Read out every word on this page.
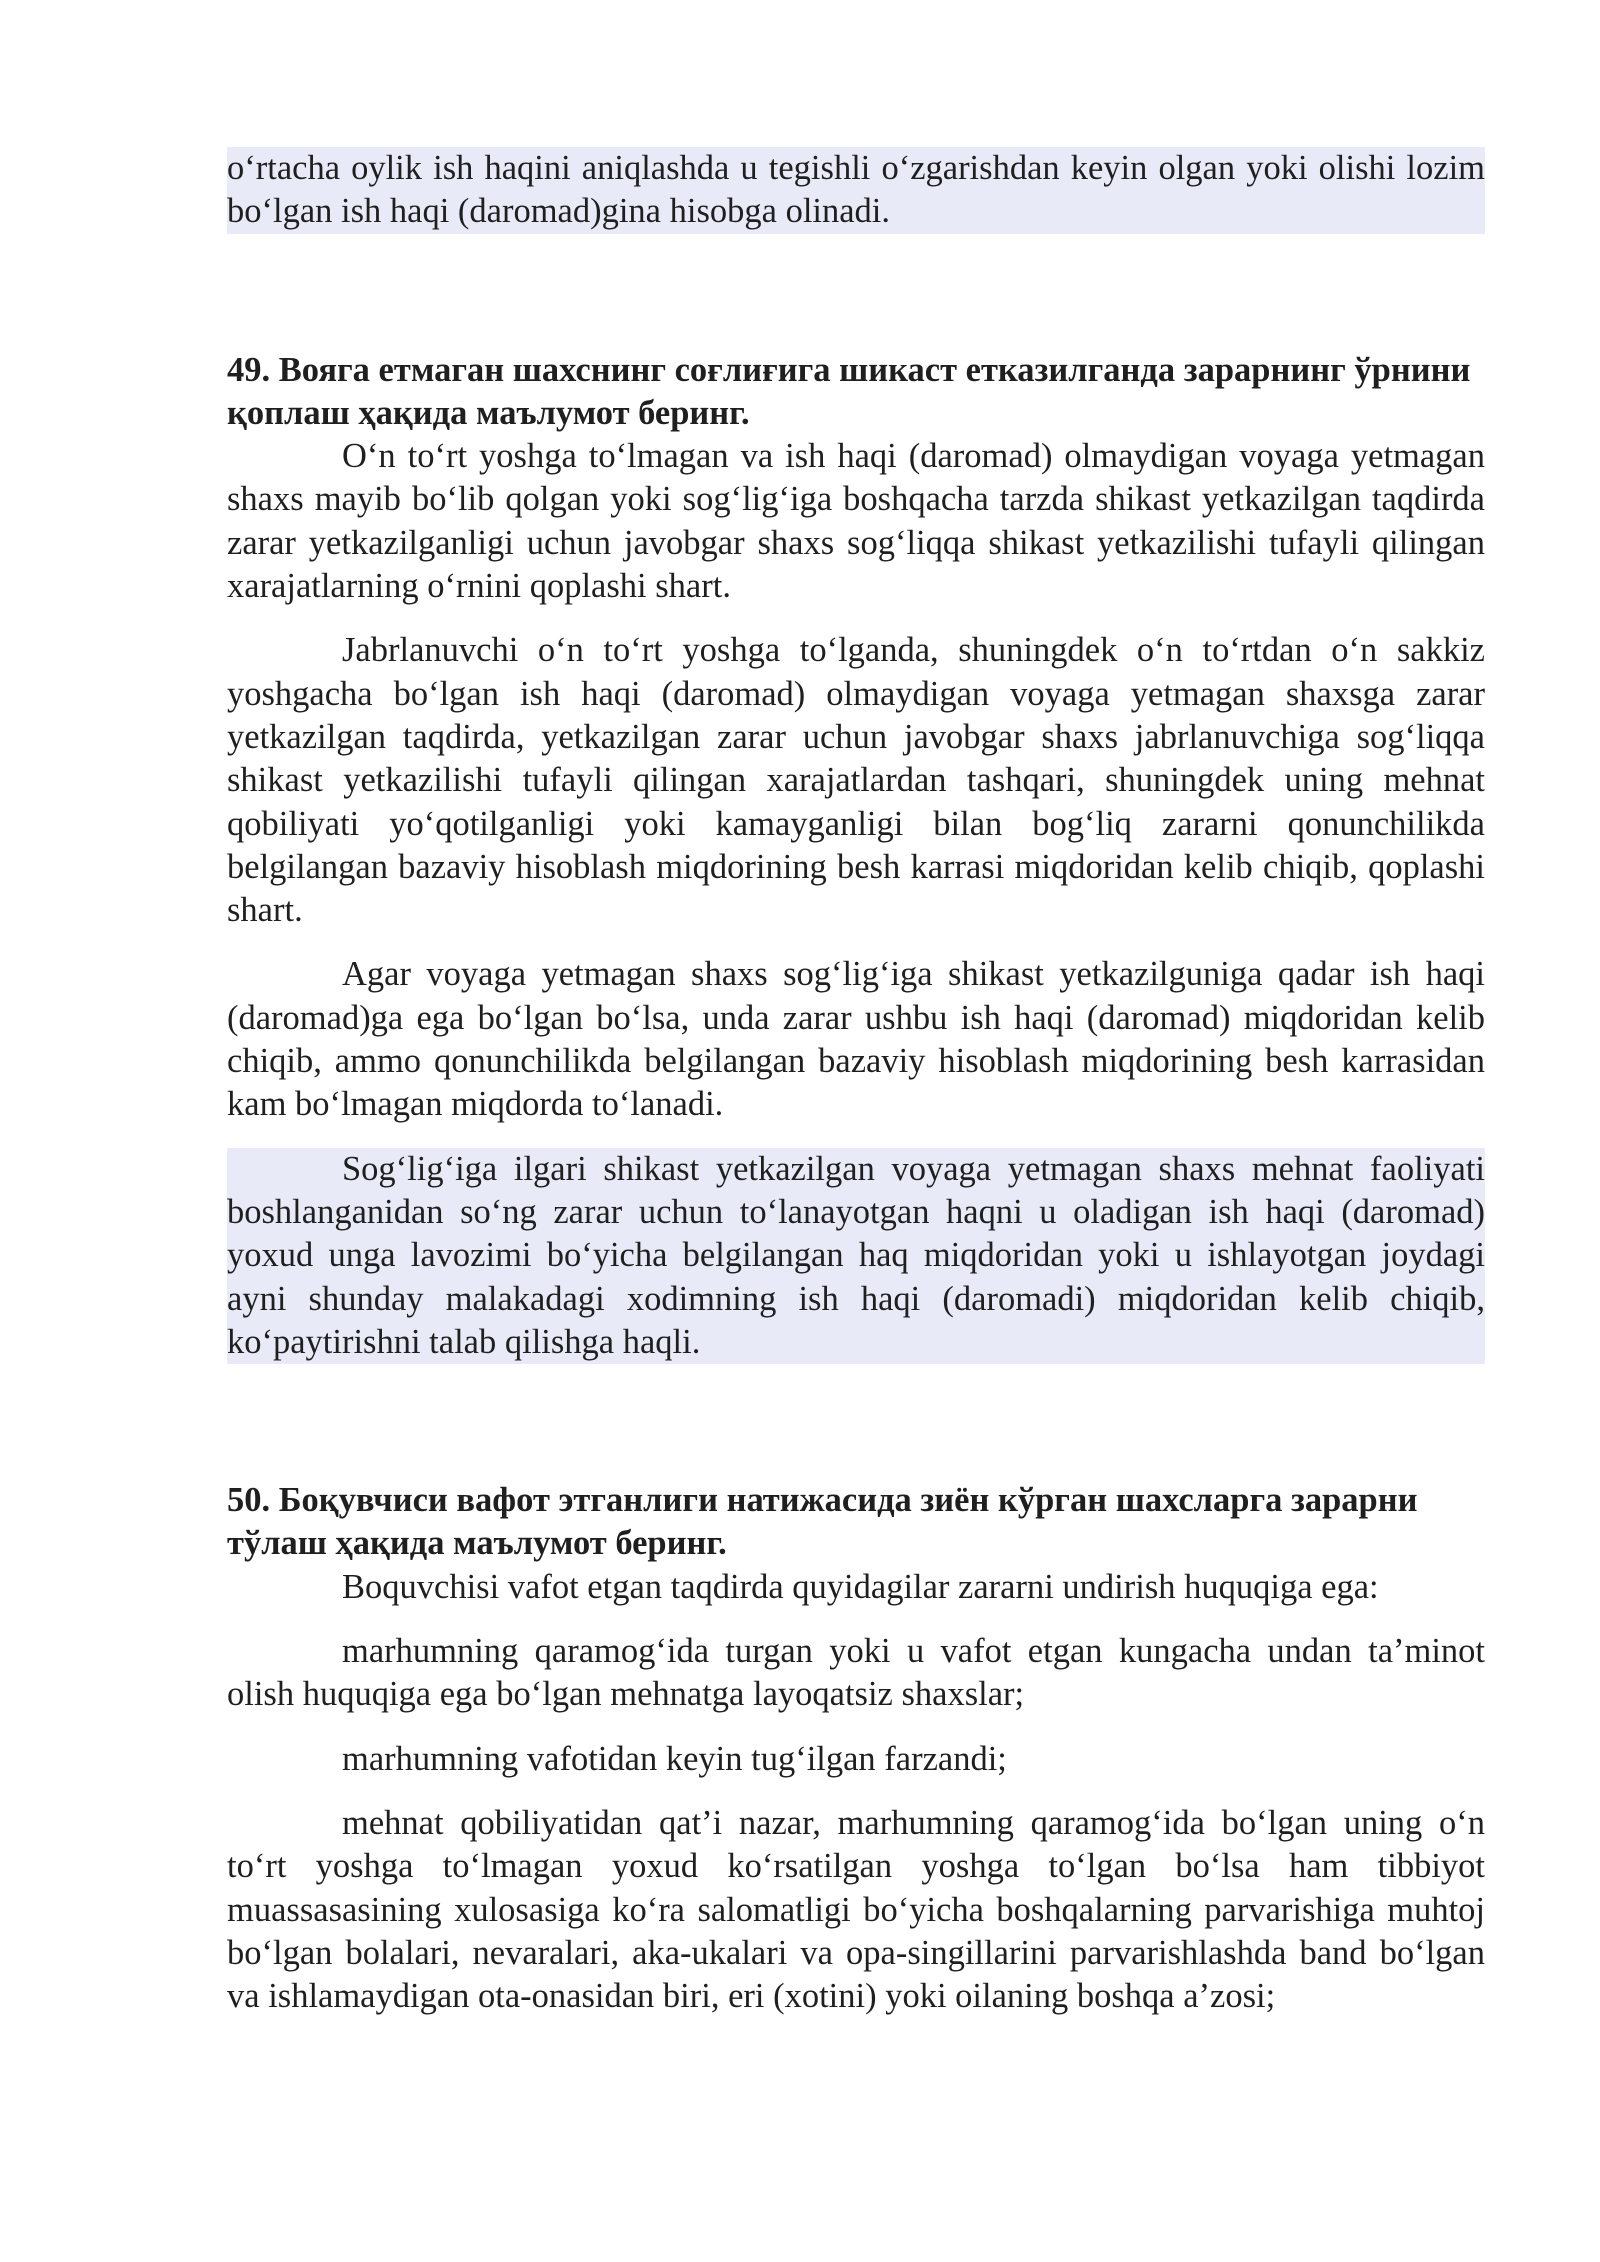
o‘rtacha oylik ish haqini aniqlashda u tegishli o‘zgarishdan keyin olgan yoki olishi lozim bo‘lgan ish haqi (daromad)gina hisobga olinadi.

49. Вояга етмаган шахснинг соғлиғига шикаст етказилганда зарарнинг ўрнини қоплаш ҳақида маълумот беринг.

O‘n to‘rt yoshga to‘lmagan va ish haqi (daromad) olmaydigan voyaga yetmagan shaxs mayib bo‘lib qolgan yoki sog‘lig‘iga boshqacha tarzda shikast yetkazilgan taqdirda zarar yetkazilganligi uchun javobgar shaxs sog‘liqqa shikast yetkazilishi tufayli qilingan xarajatlarning o‘rnini qoplashi shart.

Jabrlanuvchi o‘n to‘rt yoshga to‘lganda, shuningdek o‘n to‘rtdan o‘n sakkiz yoshgacha bo‘lgan ish haqi (daromad) olmaydigan voyaga yetmagan shaxsga zarar yetkazilgan taqdirda, yetkazilgan zarar uchun javobgar shaxs jabrlanuvchiga sog‘liqqa shikast yetkazilishi tufayli qilingan xarajatlardan tashqari, shuningdek uning mehnat qobiliyati yo‘qotilganligi yoki kamayganligi bilan bog‘liq zararni qonunchilikda belgilangan bazaviy hisoblash miqdorining besh karrasi miqdoridan kelib chiqib, qoplashi shart.

Agar voyaga yetmagan shaxs sog‘lig‘iga shikast yetkazilguniga qadar ish haqi (daromad)ga ega bo‘lgan bo‘lsa, unda zarar ushbu ish haqi (daromad) miqdoridan kelib chiqib, ammo qonunchilikda belgilangan bazaviy hisoblash miqdorining besh karrasidan kam bo‘lmagan miqdorda to‘lanadi.

Sog‘lig‘iga ilgari shikast yetkazilgan voyaga yetmagan shaxs mehnat faoliyati boshlanganidan so‘ng zarar uchun to‘lanayotgan haqni u oladigan ish haqi (daromad) yoxud unga lavozimi bo‘yicha belgilangan haq miqdoridan yoki u ishlayotgan joydagi ayni shunday malakadagi xodimning ish haqi (daromadi) miqdoridan kelib chiqib, ko‘paytirishni talab qilishga haqli.

50. Боқувчиси вафот этганлиги натижасида зиён кўрган шахсларга зарарни тўлаш ҳақида маълумот беринг.

Boquvchisi vafot etgan taqdirda quyidagilar zararni undirish huquqiga ega:

marhumning qaramog‘ida turgan yoki u vafot etgan kungacha undan ta’minot olish huquqiga ega bo‘lgan mehnatga layoqatsiz shaxslar;

marhumning vafotidan keyin tug‘ilgan farzandi;

mehnat qobiliyatidan qat’i nazar, marhumning qaramog‘ida bo‘lgan uning o‘n to‘rt yoshga to‘lmagan yoxud ko‘rsatilgan yoshga to‘lgan bo‘lsa ham tibbiyot muassasasining xulosasiga ko‘ra salomatligi bo‘yicha boshqalarning parvarishiga muhtoj bo‘lgan bolalari, nevaralari, aka-ukalari va opa-singillarini parvarishlashda band bo‘lgan va ishlamaydigan ota-onasidan biri, eri (xotini) yoki oilaning boshqa a’zosi;
